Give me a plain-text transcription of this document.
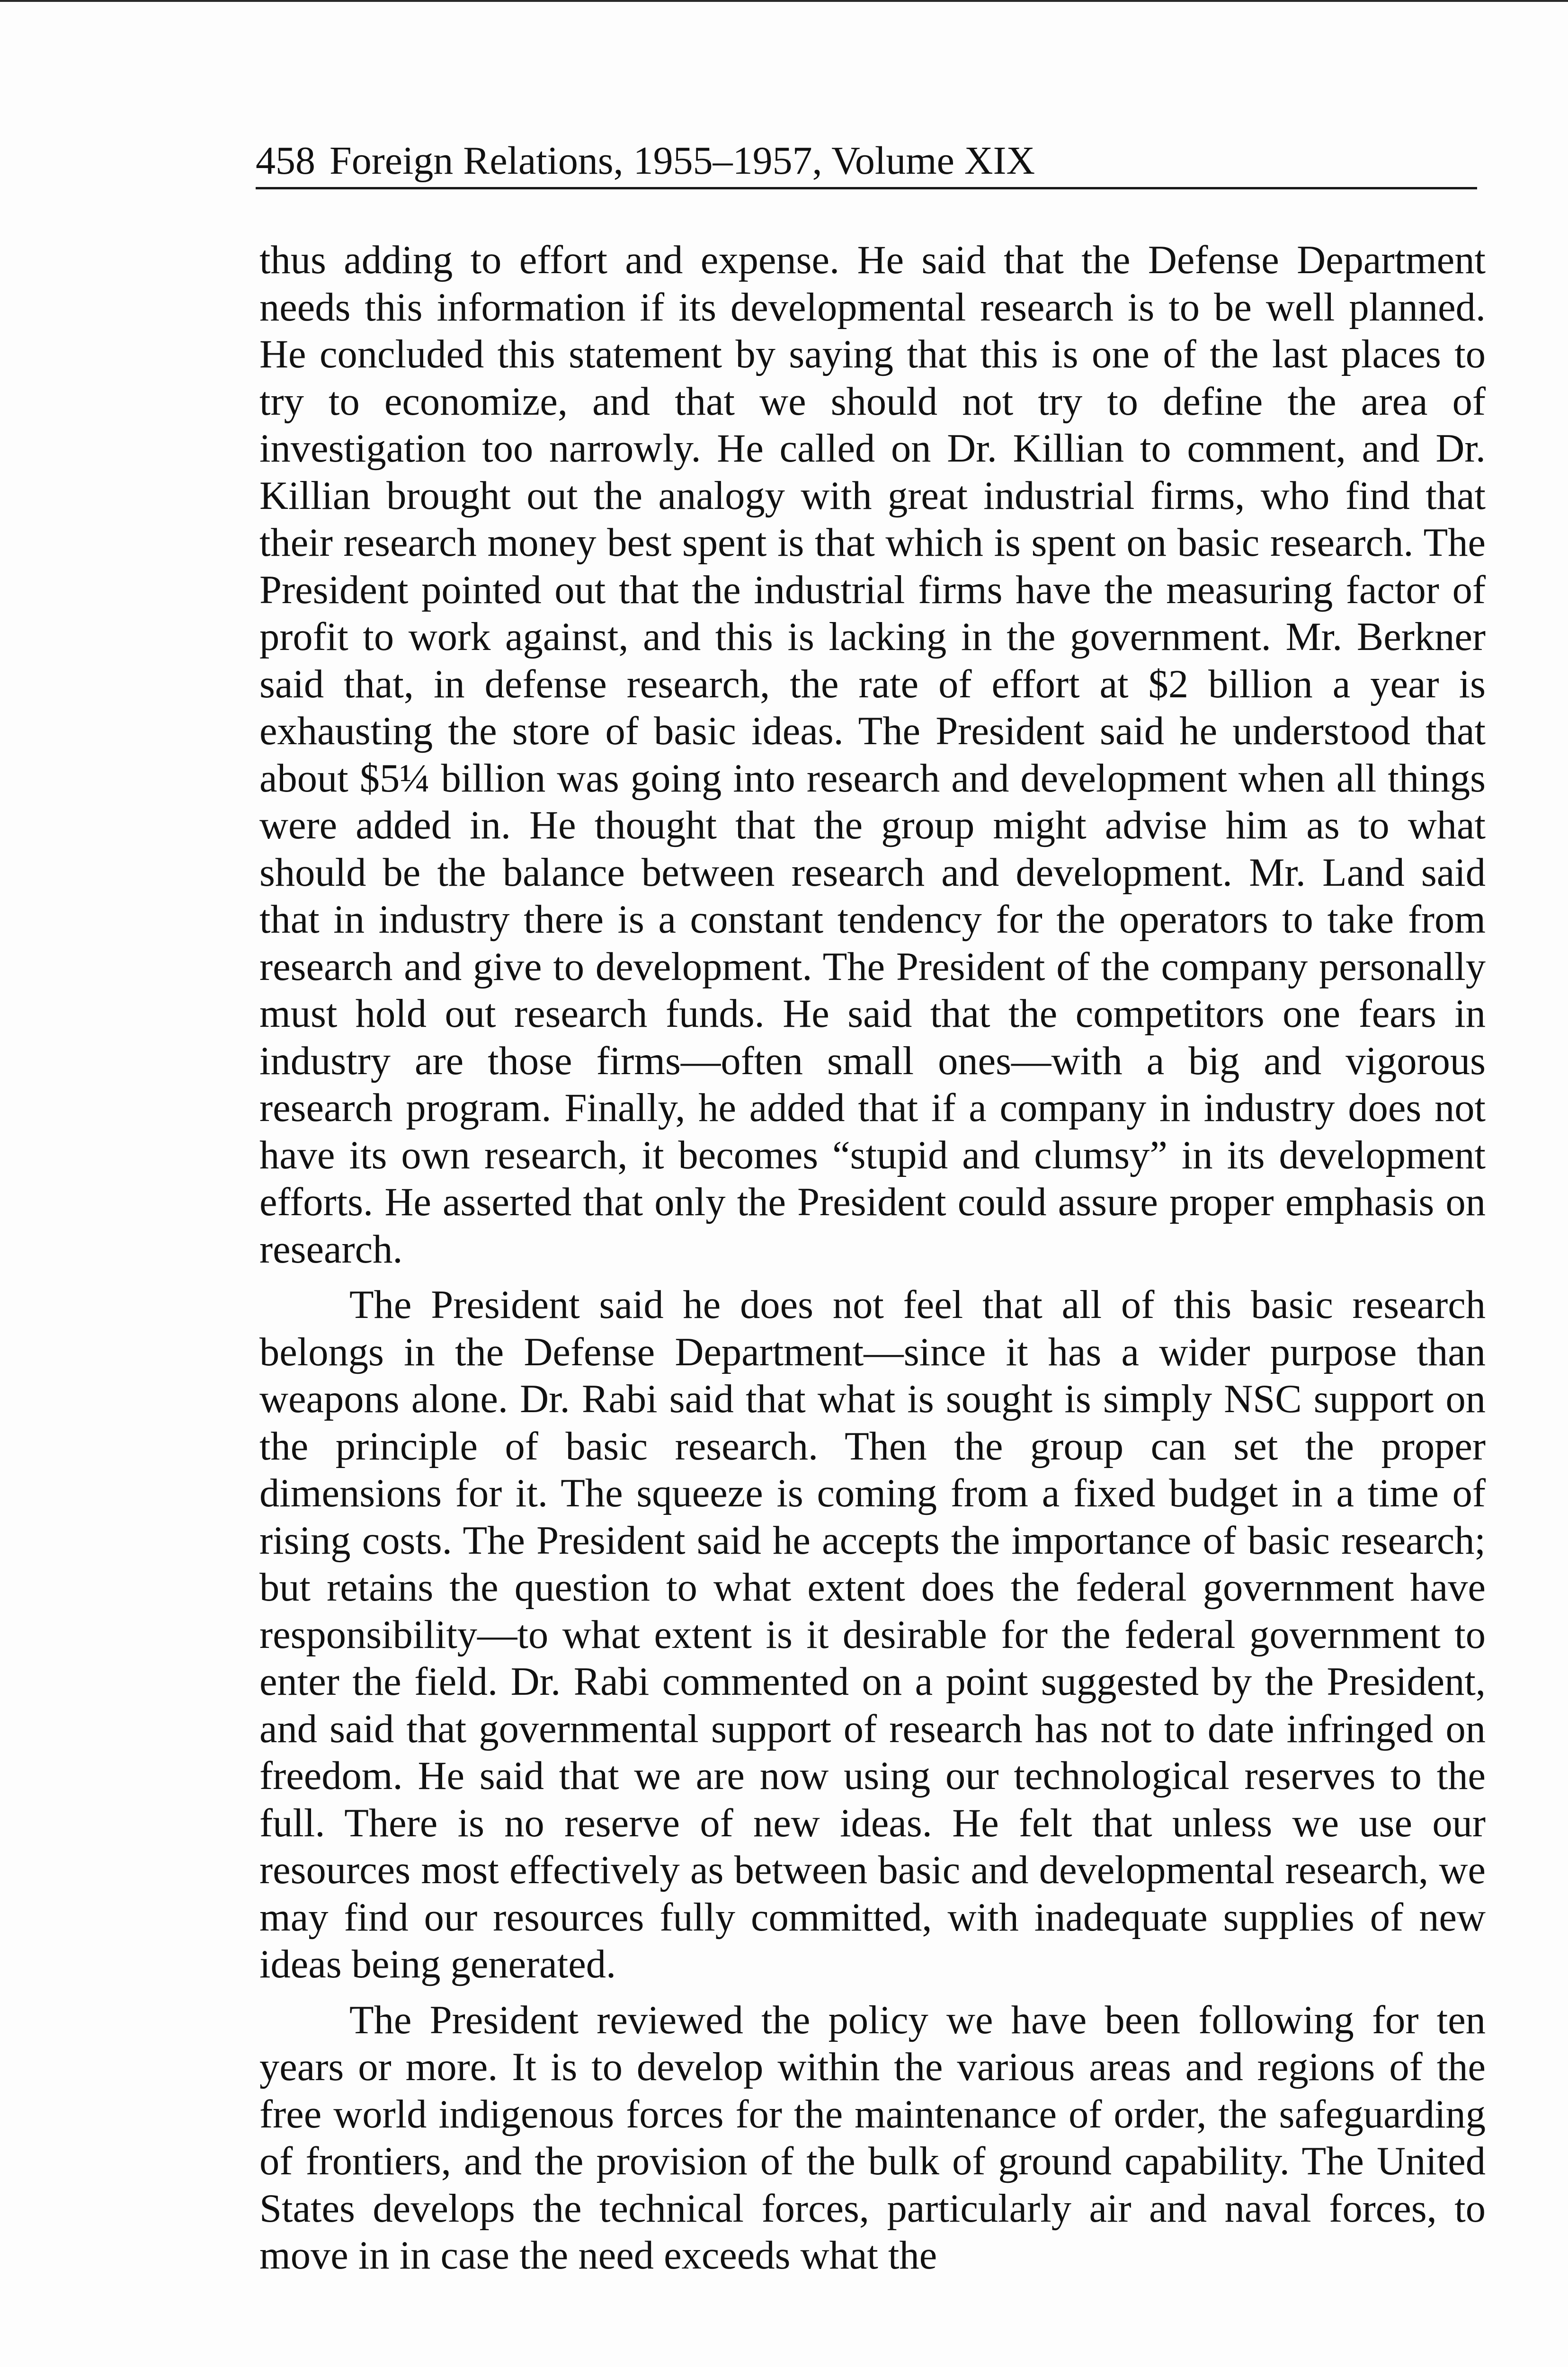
458 Foreign Relations, 1955–1957, Volume XIX

thus adding to effort and expense. He said that the Defense Department needs this information if its developmental research is to be well planned. He concluded this statement by saying that this is one of the last places to try to economize, and that we should not try to define the area of investigation too narrowly. He called on Dr. Killian to comment, and Dr. Killian brought out the analogy with great industrial firms, who find that their research money best spent is that which is spent on basic research. The President pointed out that the industrial firms have the measuring factor of profit to work against, and this is lacking in the government. Mr. Berkner said that, in defense research, the rate of effort at $2 billion a year is exhausting the store of basic ideas. The President said he understood that about $5¼ billion was going into research and development when all things were added in. He thought that the group might advise him as to what should be the balance between research and development. Mr. Land said that in industry there is a constant tendency for the operators to take from research and give to development. The President of the company personally must hold out research funds. He said that the competitors one fears in industry are those firms—often small ones—with a big and vigorous research program. Finally, he added that if a company in industry does not have its own research, it becomes “stupid and clumsy” in its development efforts. He asserted that only the President could assure proper emphasis on research.

The President said he does not feel that all of this basic research belongs in the Defense Department—since it has a wider purpose than weapons alone. Dr. Rabi said that what is sought is simply NSC support on the principle of basic research. Then the group can set the proper dimensions for it. The squeeze is coming from a fixed budget in a time of rising costs. The President said he accepts the importance of basic research; but retains the question to what extent does the federal government have responsibility—to what extent is it desirable for the federal government to enter the field. Dr. Rabi commented on a point suggested by the President, and said that governmental support of research has not to date infringed on freedom. He said that we are now using our technological reserves to the full. There is no reserve of new ideas. He felt that unless we use our resources most effectively as between basic and developmental research, we may find our resources fully committed, with inadequate supplies of new ideas being generated.

The President reviewed the policy we have been following for ten years or more. It is to develop within the various areas and regions of the free world indigenous forces for the maintenance of order, the safeguarding of frontiers, and the provision of the bulk of ground capability. The United States develops the technical forces, particularly air and naval forces, to move in in case the need exceeds what the
